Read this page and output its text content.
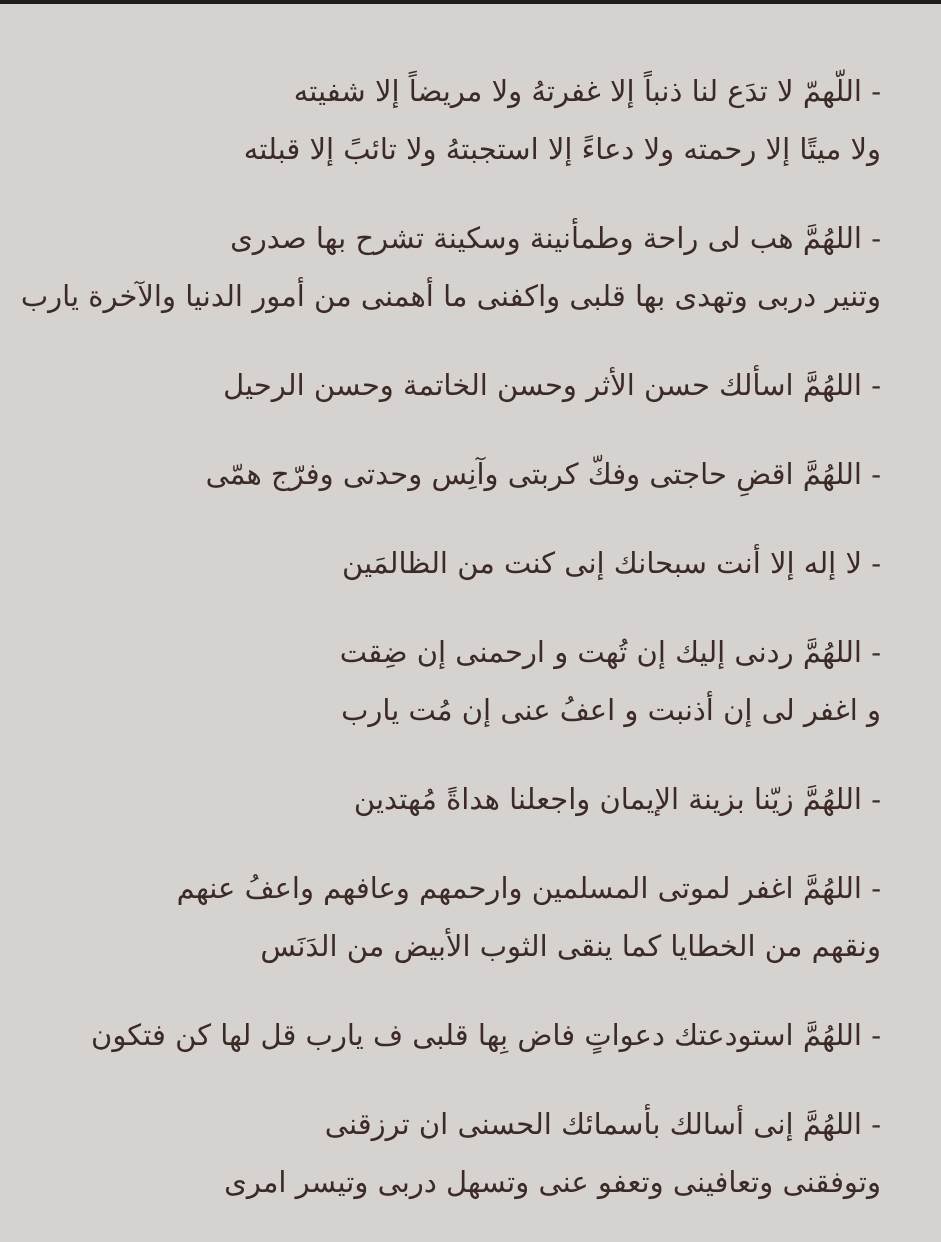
- اللّهمّ لا تدَع لنا ذنباً إلا غفرتهُ ولا مريضاً إلا شفيته
ولا ميتًا إلا رحمته ولا دعاءً إلا استجبتهُ ولا تائبً إلا قبلته
- اللهُمَّ هب لى راحة وطمأنينة وسكينة تشرح بها صدرى
وتنير دربى وتهدى بها قلبى واكفنى ما أهمنى من أمور الدنيا والآخرة يارب
- اللهُمَّ اسألك حسن الأثر وحسن الخاتمة وحسن الرحيل
- اللهُمَّ اقضِ حاجتى وفكّ كربتى وآنِس وحدتى وفرّج همّى
- لا إله إلا أنت سبحانك إنى كنت من الظالمَين
- اللهُمَّ ردنى إليك إن تُهت و ارحمنى إن ضِقت
و اغفر لى إن أذنبت و اعفُ عنى إن مُت يارب
- اللهُمَّ زيّنا بزينة الإيمان واجعلنا هداةً مُهتدين
- اللهُمَّ اغفر لموتى المسلمين وارحمهم وعافهم واعفُ عنهم
ونقهم من الخطايا كما ينقى الثوب الأبيض من الدَنَس
- اللهُمَّ استودعتك دعواتٍ فاض بِها قلبى ف يارب قل لها كن فتكون
- اللهُمَّ إنى أسالك بأسمائك الحسنى ان ترزقنى
وتوفقنى وتعافينى وتعفو عنى وتسهل دربى وتيسر امرى
